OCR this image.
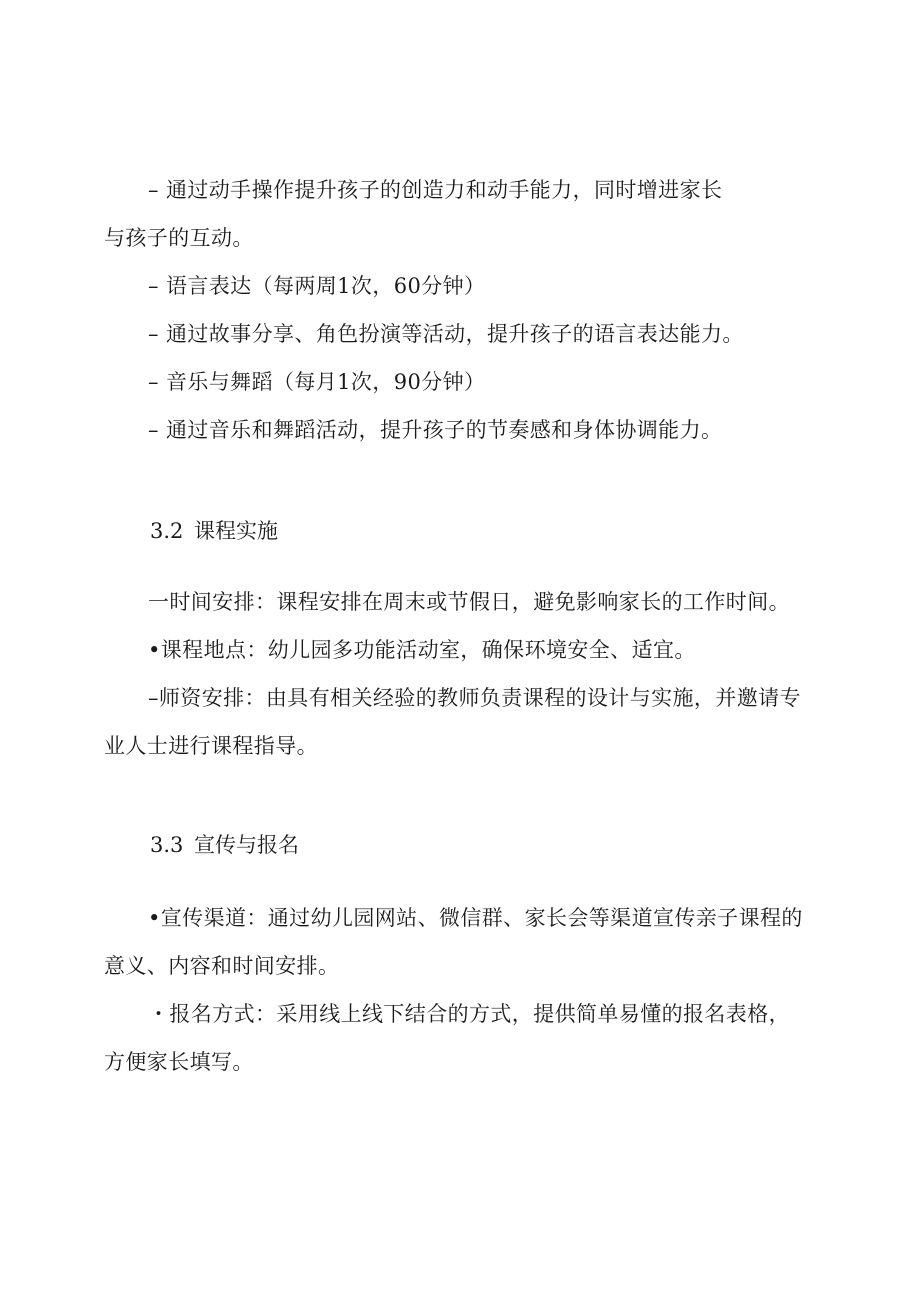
– 通过动手操作提升孩子的创造力和动手能力，同时增进家长
与孩子的互动。
– 语言表达（每两周1次，60分钟）
– 通过故事分享、角色扮演等活动，提升孩子的语言表达能力。
– 音乐与舞蹈（每月1次，90分钟）
– 通过音乐和舞蹈活动，提升孩子的节奏感和身体协调能力。
3.2 课程实施
一时间安排：课程安排在周末或节假日，避免影响家长的工作时间。
•课程地点：幼儿园多功能活动室，确保环境安全、适宜。
–师资安排：由具有相关经验的教师负责课程的设计与实施，并邀请专
业人士进行课程指导。
3.3 宣传与报名
•宣传渠道：通过幼儿园网站、微信群、家长会等渠道宣传亲子课程的
意义、内容和时间安排。
・报名方式：采用线上线下结合的方式，提供简单易懂的报名表格，
方便家长填写。
